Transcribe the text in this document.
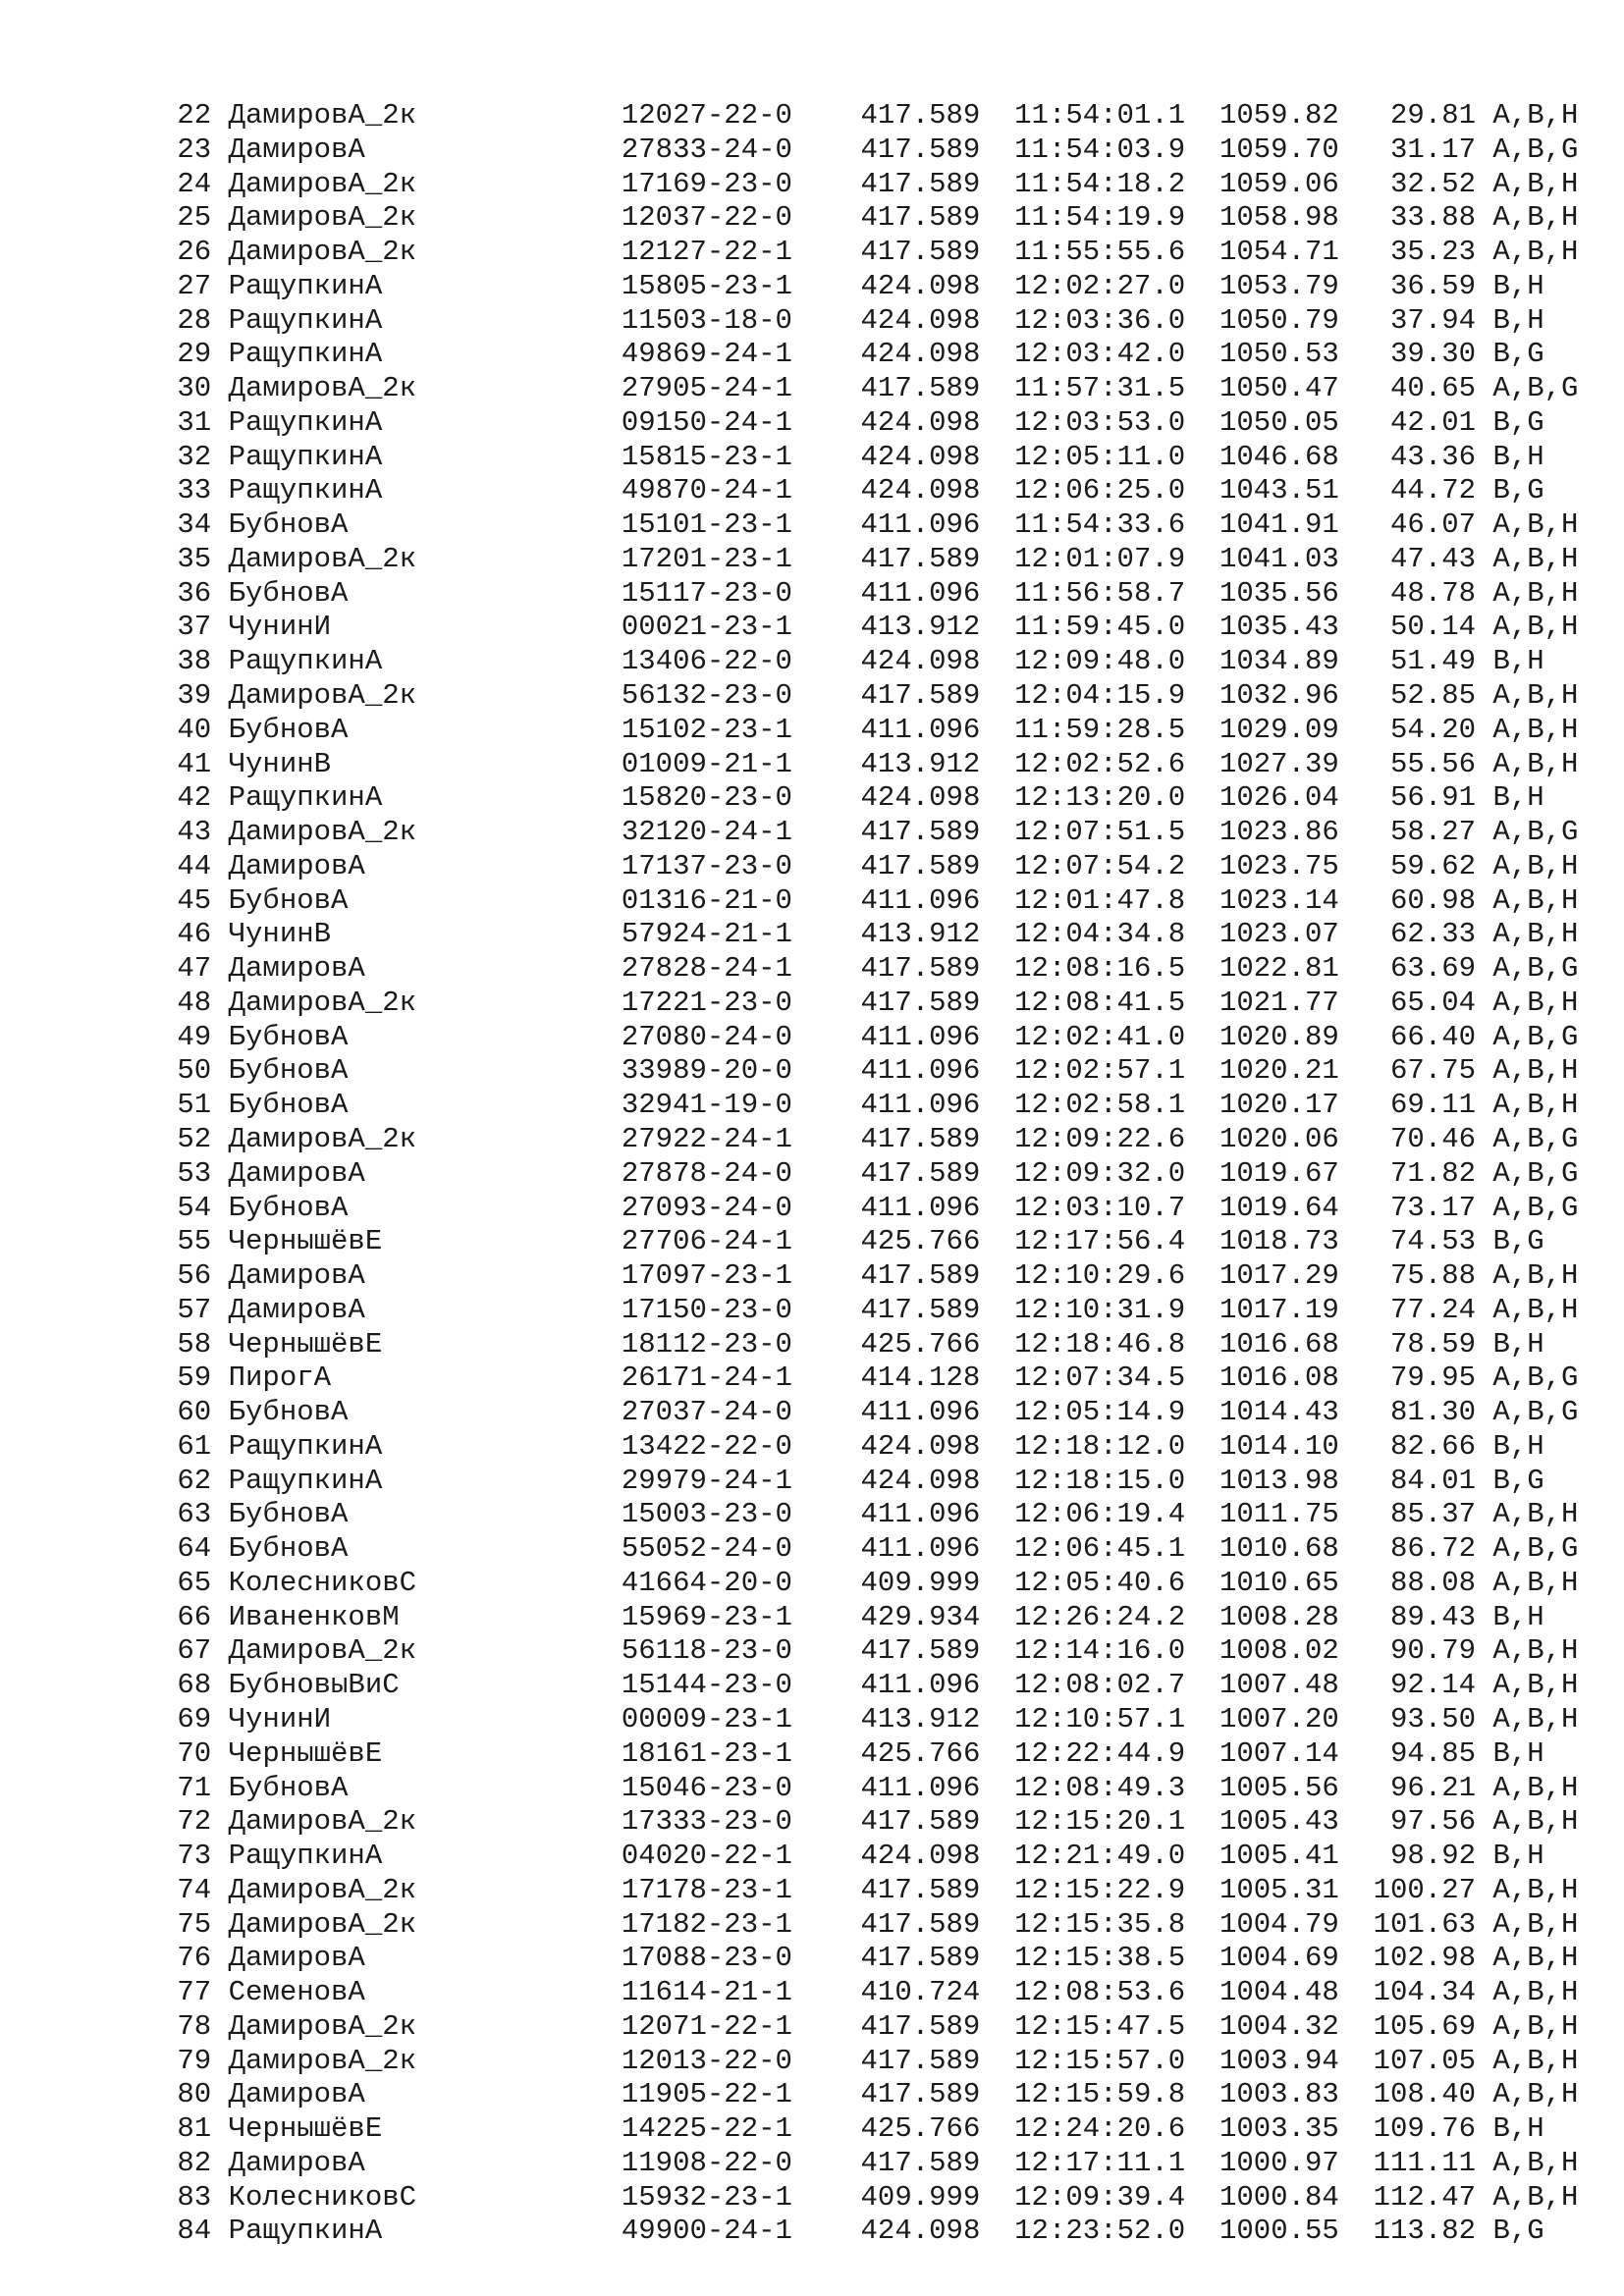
22 ДамировА_2к	12027-22-0 417.589 11:54:01.1 1059.82 29.81 A,B,H
23 ДамировА	27833-24-0 417.589 11:54:03.9 1059.70 31.17 A,B,G
24 ДамировА_2к	17169-23-0 417.589 11:54:18.2 1059.06 32.52 A,B,H
25 ДамировА_2к	12037-22-0 417.589 11:54:19.9 1058.98 33.88 A,B,H
26 ДамировА_2к	12127-22-1 417.589 11:55:55.6 1054.71 35.23 A,B,H
27 РащупкинА	15805-23-1 424.098 12:02:27.0 1053.79 36.59 B,H
28 РащупкинА	11503-18-0 424.098 12:03:36.0 1050.79 37.94 B,H
29 РащупкинА	49869-24-1 424.098 12:03:42.0 1050.53 39.30 B,G
30 ДамировА_2к	27905-24-1 417.589 11:57:31.5 1050.47 40.65 A,B,G
31 РащупкинА	09150-24-1 424.098 12:03:53.0 1050.05 42.01 B,G
32 РащупкинА	15815-23-1 424.098 12:05:11.0 1046.68 43.36 B,H
33 РащупкинА	49870-24-1 424.098 12:06:25.0 1043.51 44.72 B,G
34 БубновА	15101-23-1 411.096 11:54:33.6 1041.91 46.07 A,B,H
35 ДамировА_2к	17201-23-1 417.589 12:01:07.9 1041.03 47.43 A,B,H
36 БубновА	15117-23-0 411.096 11:56:58.7 1035.56 48.78 A,B,H
37 ЧунинИ	00021-23-1 413.912 11:59:45.0 1035.43 50.14 A,B,H
38 РащупкинА	13406-22-0 424.098 12:09:48.0 1034.89 51.49 B,H
39 ДамировА_2к	56132-23-0 417.589 12:04:15.9 1032.96 52.85 A,B,H
40 БубновА	15102-23-1 411.096 11:59:28.5 1029.09 54.20 A,B,H
41 ЧунинВ	01009-21-1 413.912 12:02:52.6 1027.39 55.56 A,B,H
42 РащупкинА	15820-23-0 424.098 12:13:20.0 1026.04 56.91 B,H
43 ДамировА_2к	32120-24-1 417.589 12:07:51.5 1023.86 58.27 A,B,G
44 ДамировА	17137-23-0 417.589 12:07:54.2 1023.75 59.62 A,B,H
45 БубновА	01316-21-0 411.096 12:01:47.8 1023.14 60.98 A,B,H
46 ЧунинВ	57924-21-1 413.912 12:04:34.8 1023.07 62.33 A,B,H
47 ДамировА	27828-24-1 417.589 12:08:16.5 1022.81 63.69 A,B,G
48 ДамировА_2к	17221-23-0 417.589 12:08:41.5 1021.77 65.04 A,B,H
49 БубновА	27080-24-0 411.096 12:02:41.0 1020.89 66.40 A,B,G
50 БубновА	33989-20-0 411.096 12:02:57.1 1020.21 67.75 A,B,H
51 БубновА	32941-19-0 411.096 12:02:58.1 1020.17 69.11 A,B,H
52 ДамировА_2к	27922-24-1 417.589 12:09:22.6 1020.06 70.46 A,B,G
53 ДамировА	27878-24-0 417.589 12:09:32.0 1019.67 71.82 A,B,G
54 БубновА	27093-24-0 411.096 12:03:10.7 1019.64 73.17 A,B,G
55 ЧернышёвЕ	27706-24-1 425.766 12:17:56.4 1018.73 74.53 B,G
56 ДамировА	17097-23-1 417.589 12:10:29.6 1017.29 75.88 A,B,H
57 ДамировА	17150-23-0 417.589 12:10:31.9 1017.19 77.24 A,B,H
58 ЧернышёвЕ	18112-23-0 425.766 12:18:46.8 1016.68 78.59 B,H
59 ПирогА	26171-24-1 414.128 12:07:34.5 1016.08 79.95 A,B,G
60 БубновА	27037-24-0 411.096 12:05:14.9 1014.43 81.30 A,B,G
61 РащупкинА	13422-22-0 424.098 12:18:12.0 1014.10 82.66 B,H
62 РащупкинА	29979-24-1 424.098 12:18:15.0 1013.98 84.01 B,G
63 БубновА	15003-23-0 411.096 12:06:19.4 1011.75 85.37 A,B,H
64 БубновА	55052-24-0 411.096 12:06:45.1 1010.68 86.72 A,B,G
65 КолесниковС	41664-20-0 409.999 12:05:40.6 1010.65 88.08 A,B,H
66 ИваненковМ	15969-23-1 429.934 12:26:24.2 1008.28 89.43 B,H
67 ДамировА_2к	56118-23-0 417.589 12:14:16.0 1008.02 90.79 A,B,H
68 БубновыВиС	15144-23-0 411.096 12:08:02.7 1007.48 92.14 A,B,H
69 ЧунинИ	00009-23-1 413.912 12:10:57.1 1007.20 93.50 A,B,H
70 ЧернышёвЕ	18161-23-1 425.766 12:22:44.9 1007.14 94.85 B,H
71 БубновА	15046-23-0 411.096 12:08:49.3 1005.56 96.21 A,B,H
72 ДамировА_2к	17333-23-0 417.589 12:15:20.1 1005.43 97.56 A,B,H
73 РащупкинА	04020-22-1 424.098 12:21:49.0 1005.41 98.92 B,H
74 ДамировА_2к	17178-23-1 417.589 12:15:22.9 1005.31 100.27 A,B,H
75 ДамировА_2к	17182-23-1 417.589 12:15:35.8 1004.79 101.63 A,B,H
76 ДамировА	17088-23-0 417.589 12:15:38.5 1004.69 102.98 A,B,H
77 СеменовА	11614-21-1 410.724 12:08:53.6 1004.48 104.34 A,B,H
78 ДамировА_2к	12071-22-1 417.589 12:15:47.5 1004.32 105.69 A,B,H
79 ДамировА_2к	12013-22-0 417.589 12:15:57.0 1003.94 107.05 A,B,H
80 ДамировА	11905-22-1 417.589 12:15:59.8 1003.83 108.40 A,B,H
81 ЧернышёвЕ	14225-22-1 425.766 12:24:20.6 1003.35 109.76 B,H
82 ДамировА	11908-22-0 417.589 12:17:11.1 1000.97 111.11 A,B,H
83 КолесниковС	15932-23-1 409.999 12:09:39.4 1000.84 112.47 A,B,H
84 РащупкинА	49900-24-1 424.098 12:23:52.0 1000.55 113.82 B,G
